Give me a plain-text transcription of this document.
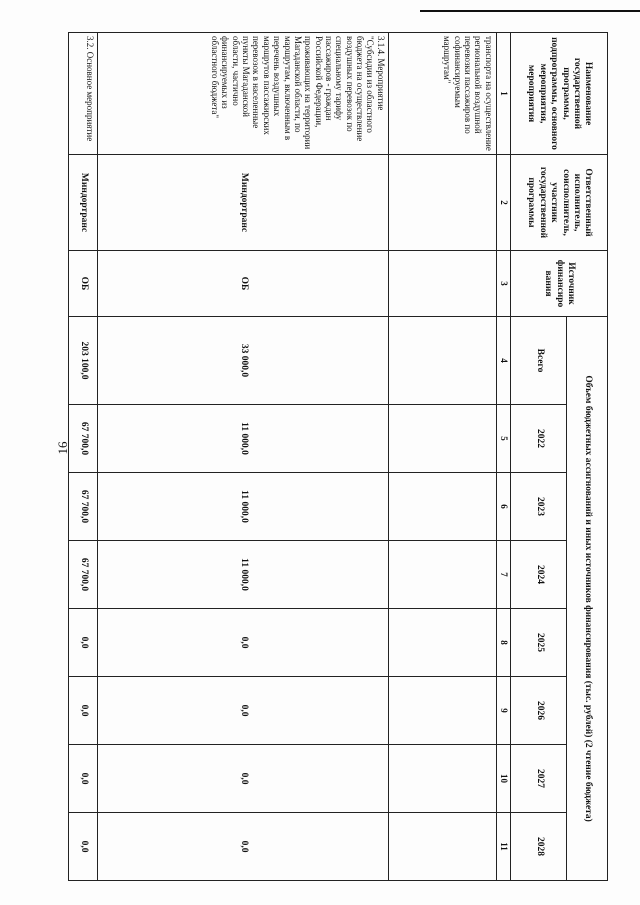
16
Наименование государственной программы, подпрограммы, основного мероприятия, мероприятия	Ответственный исполнитель, соисполнитель, участник государственной программы	Источник финансиро вания	Объем бюджетных ассигнований и иных источников финансирования (тыс. рублей) (2 чтение бюджета)							
			Всего	2022	2023	2024	2025	2026	2027	2028
1	2	3	4	5	6	7	8	9	10	11
транспорта на осуществление региональной воздушной перевозки пассажиров по софинансируемым маршрутам"										
3.1.4. Мероприятие "Субсидии из областного бюджета на осуществление воздушных перевозок по специальному тарифу пассажиров - граждан Российской Федерации, проживающих на территории Магаданской области, по маршрутам, включенным в перечень воздушных маршрутов пассажирских перевозок в населенные пункты Магаданской области, частично финансируемых из областного бюджета"	Миндортранс	ОБ	33 000,0	11 000,0	11 000,0	11 000,0	0,0	0,0	0,0	0,0
3.2. Основное мероприятие	Миндортранс	ОБ	203 100,0	67 700,0	67 700,0	67 700,0	0,0	0,0	0,0	0,0
